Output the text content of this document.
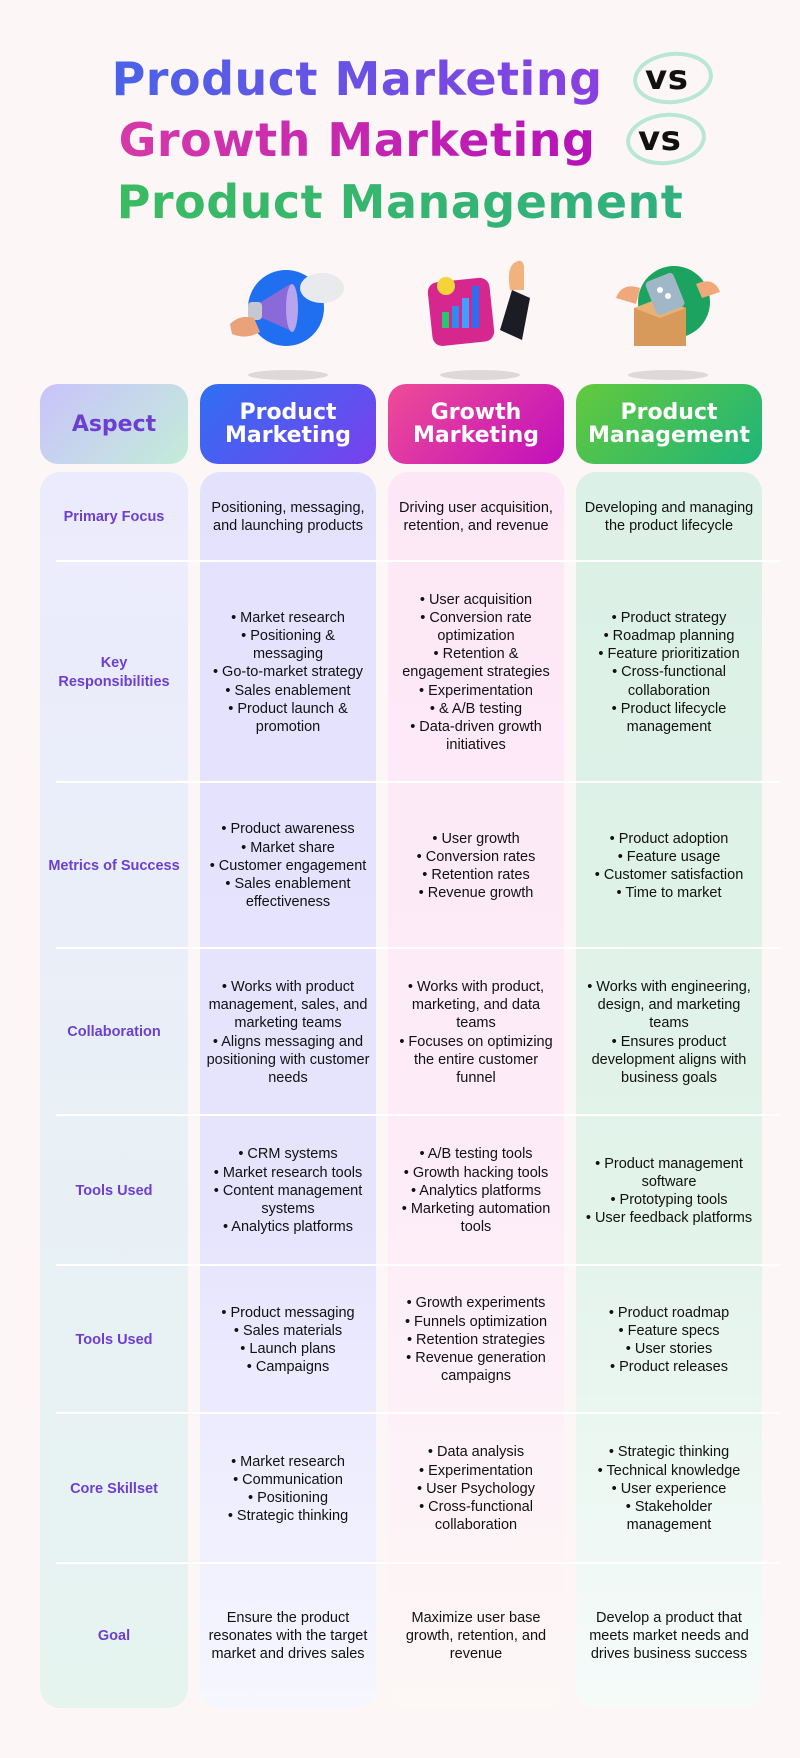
Product Marketing vs
Growth Marketing vs
Product Management
Aspect	Product Marketing
Growth Marketing
Product Management
Primary Focus
Positioning, messaging, and launching products
Driving user acquisition, retention, and revenue
Developing and managing the product lifecycle
Key Responsibilities
• Market research
• Positioning & messaging
• Go-to-market strategy
• Sales enablement
• Product launch & promotion
• User acquisition
• Conversion rate optimization
• Retention & engagement strategies
• Experimentation
• & A/B testing
• Data-driven growth initiatives
• Product strategy
• Roadmap planning
• Feature prioritization
• Cross-functional collaboration
• Product lifecycle management
Metrics of Success
• Product awareness
• Market share
• Customer engagement
• Sales enablement effectiveness
• User growth
• Conversion rates
• Retention rates
• Revenue growth
• Product adoption
• Feature usage
• Customer satisfaction
• Time to market
Collaboration
• Works with product management, sales, and marketing teams
• Aligns messaging and positioning with customer needs
• Works with product, marketing, and data teams
• Focuses on optimizing the entire customer funnel
• Works with engineering, design, and marketing teams
• Ensures product development aligns with business goals
Tools Used
• CRM systems
• Market research tools
• Content management systems
• Analytics platforms
• A/B testing tools
• Growth hacking tools
• Analytics platforms
• Marketing automation tools
• Product management software
• Prototyping tools
• User feedback platforms
Tools Used
• Product messaging
• Sales materials
• Launch plans
• Campaigns
• Growth experiments
• Funnels optimization
• Retention strategies
• Revenue generation campaigns
• Product roadmap
• Feature specs
• User stories
• Product releases
Core Skillset
• Market research
• Communication
• Positioning
• Strategic thinking
• Data analysis
• Experimentation
• User Psychology
• Cross-functional collaboration
• Strategic thinking
• Technical knowledge
• User experience
• Stakeholder management
Goal
Ensure the product resonates with the target market and drives sales
Maximize user base growth, retention, and revenue
Develop a product that meets market needs and drives business success
